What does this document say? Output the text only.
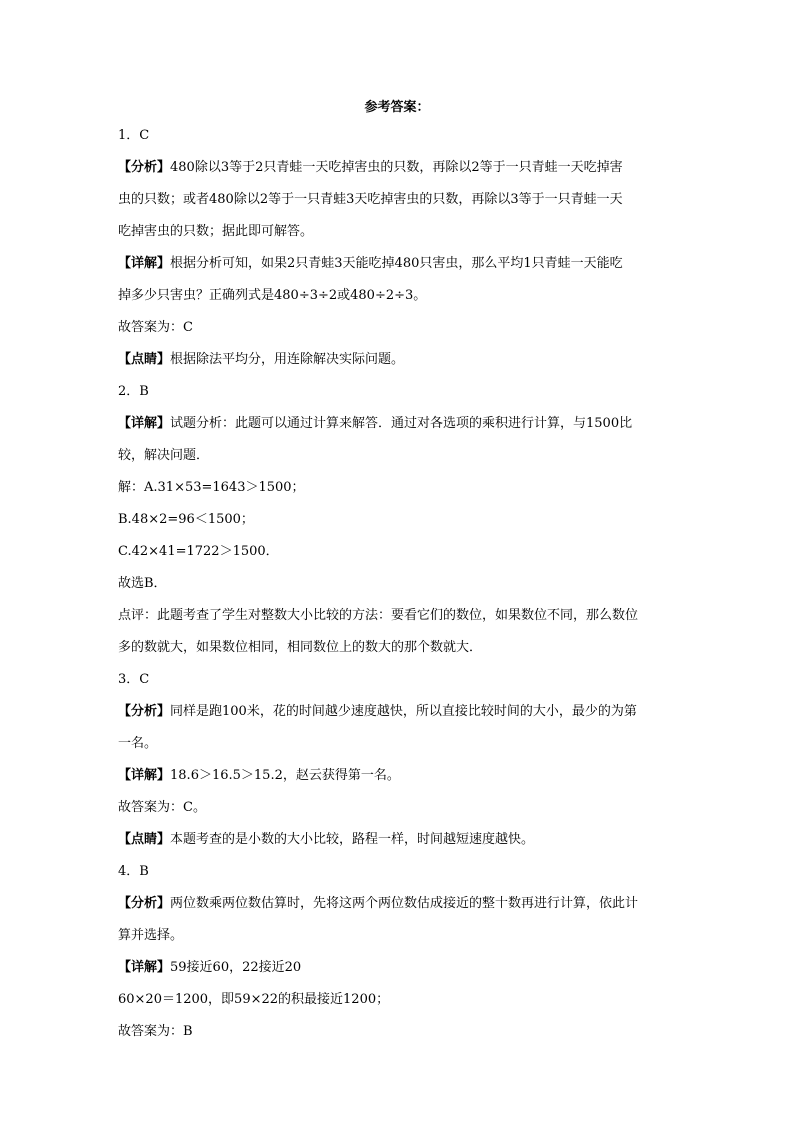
参考答案：
1．C
【分析】480除以3等于2只青蛙一天吃掉害虫的只数，再除以2等于一只青蛙一天吃掉害
虫的只数；或者480除以2等于一只青蛙3天吃掉害虫的只数，再除以3等于一只青蛙一天
吃掉害虫的只数；据此即可解答。
【详解】根据分析可知，如果2只青蛙3天能吃掉480只害虫，那么平均1只青蛙一天能吃
掉多少只害虫？正确列式是480÷3÷2或480÷2÷3。
故答案为：C
【点睛】根据除法平均分，用连除解决实际问题。
2．B
【详解】试题分析：此题可以通过计算来解答．通过对各选项的乘积进行计算，与1500比
较，解决问题．
解：A.31×53=1643＞1500；
B.48×2=96＜1500；
C.42×41=1722＞1500．
故选B．
点评：此题考查了学生对整数大小比较的方法：要看它们的数位，如果数位不同，那么数位
多的数就大，如果数位相同，相同数位上的数大的那个数就大．
3．C
【分析】同样是跑100米，花的时间越少速度越快，所以直接比较时间的大小，最少的为第
一名。
【详解】18.6＞16.5＞15.2，赵云获得第一名。
故答案为：C。
【点睛】本题考查的是小数的大小比较，路程一样，时间越短速度越快。
4．B
【分析】两位数乘两位数估算时，先将这两个两位数估成接近的整十数再进行计算，依此计
算并选择。
【详解】59接近60，22接近20
60×20＝1200，即59×22的积最接近1200；
故答案为：B
